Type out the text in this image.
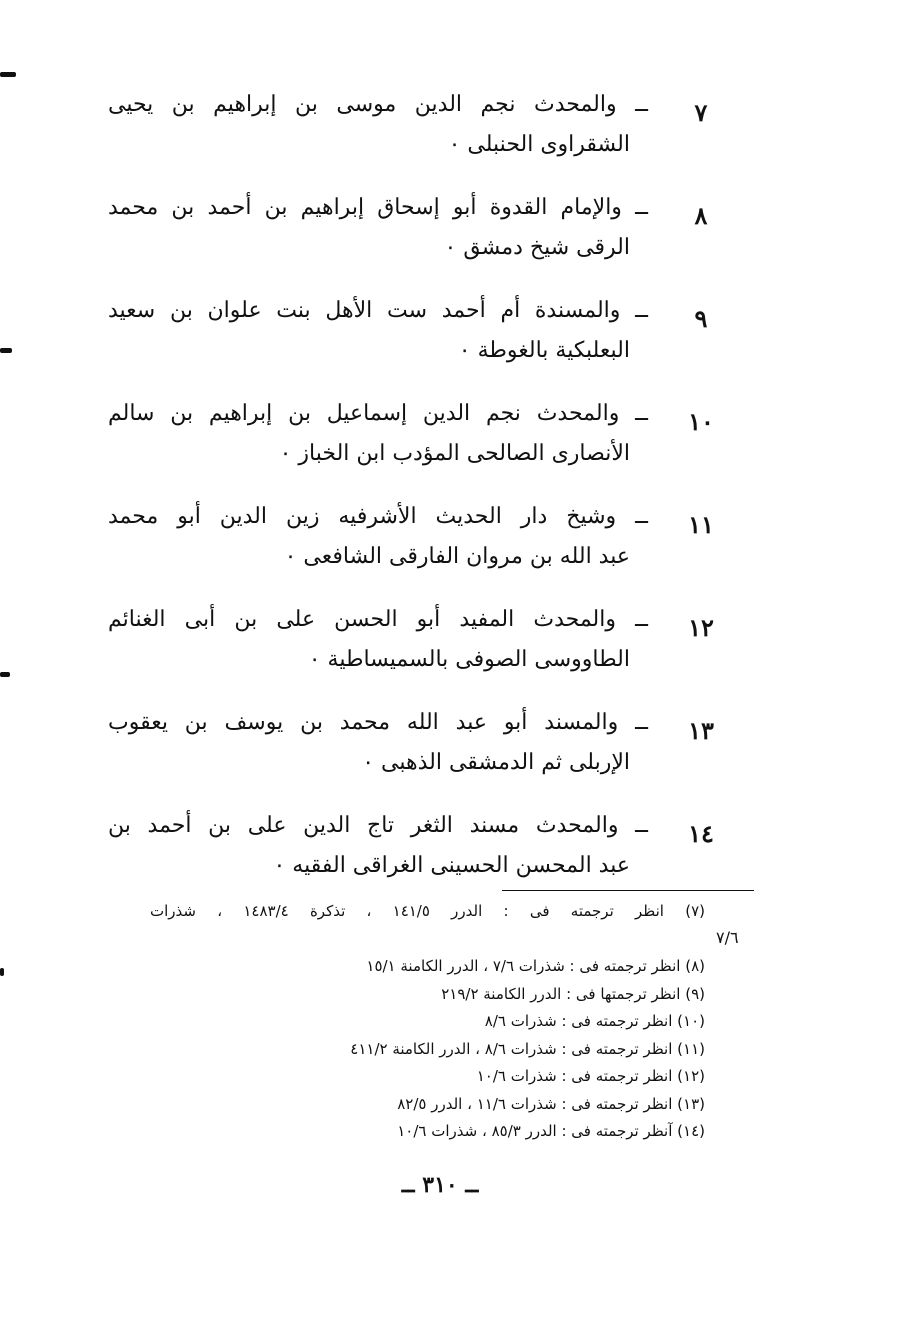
٧
ــ والمحدث نجم الدين موسى بن إبراهيم بن يحيى
الشقراوى الحنبلى ٠
٨
ــ والإمام القدوة أبو إسحاق إبراهيم بن أحمد بن محمد
الرقى شيخ دمشق ٠
٩
ــ والمسندة أم أحمد ست الأهل بنت علوان بن سعيد
البعلبكية بالغوطة ٠
١٠
ــ والمحدث نجم الدين إسماعيل بن إبراهيم بن سالم
الأنصارى الصالحى المؤدب ابن الخباز ٠
١١
ــ وشيخ دار الحديث الأشرفيه زين الدين أبو محمد
عبد الله بن مروان الفارقى الشافعى ٠
١٢
ــ والمحدث المفيد أبو الحسن على بن أبى الغنائم
الطاووسى الصوفى بالسميساطية ٠
١٣
ــ والمسند أبو عبد الله محمد بن يوسف بن يعقوب
الإربلى ثم الدمشقى الذهبى ٠
١٤
ــ والمحدث مسند الثغر تاج الدين على بن أحمد بن
عبد المحسن الحسينى الغراقى الفقيه ٠
(٧) انظر ترجمته فى : الدرر ١٤١/٥ ، تذكرة ١٤٨٣/٤ ، شذرات

(٨) انظر ترجمته فى : شذرات ٧/٦ ، الدرر الكامنة ١٥/١
(٩) انظر ترجمتها فى : الدرر الكامنة ٢١٩/٢
(١٠) انظر ترجمته فى : شذرات ٨/٦
(١١) انظر ترجمته فى : شذرات ٨/٦ ، الدرر الكامنة ٤١١/٢
(١٢) انظر ترجمته فى : شذرات ١٠/٦
(١٣) انظر ترجمته فى : شذرات ١١/٦ ، الدرر ٨٢/٥
(١٤) آنظر ترجمته فى : الدرر ٨٥/٣ ، شذرات ١٠/٦
٧/٦
ــ ٣١٠ ــ
